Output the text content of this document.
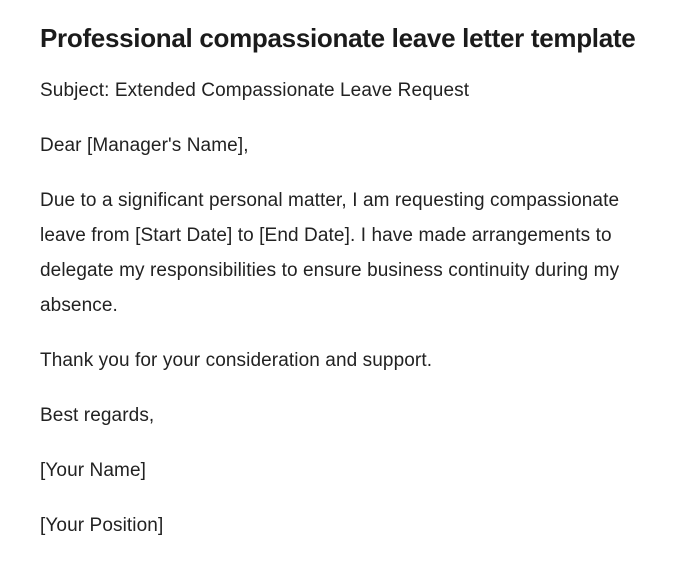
Professional compassionate leave letter template

Subject: Extended Compassionate Leave Request

Dear [Manager's Name],

Due to a significant personal matter, I am requesting compassionate leave from [Start Date] to [End Date]. I have made arrangements to delegate my responsibilities to ensure business continuity during my absence.

Thank you for your consideration and support.

Best regards,

[Your Name]

[Your Position]
